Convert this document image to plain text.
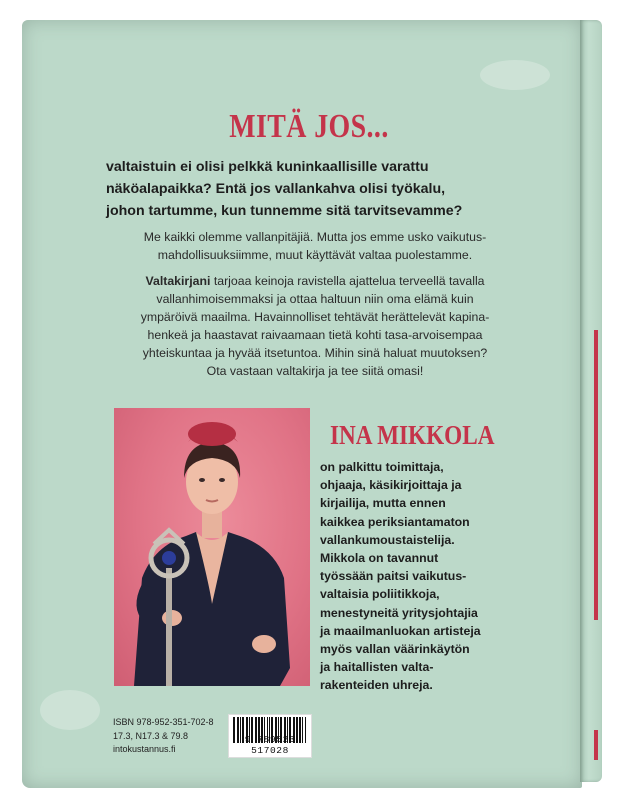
MITÄ JOS...
valtaistuin ei olisi pelkkä kuninkaallisille varattu
näköalapaikka? Entä jos vallankahva olisi työkalu,
johon tartumme, kun tunnemme sitä tarvitsevamme?
Me kaikki olemme vallanpitäjiä. Mutta jos emme usko vaikutus-
mahdollisuuksiimme, muut käyttävät valtaa puolestamme.
Valtakirjani tarjoaa keinoja ravistella ajattelua terveellä tavalla
vallanhimoisemmaksi ja ottaa haltuun niin oma elämä kuin
ympäröivä maailma. Havainnolliset tehtävät herättelevät kapina-
henkeä ja haastavat raivaamaan tietä kohti tasa-arvoisempaa
yhteiskuntaa ja hyvää itsetuntoa. Mihin sinä haluat muutoksen?
Ota vastaan valtakirja ja tee siitä omasi!
INA MIKKOLA
on palkittu toimittaja,
ohjaaja, käsikirjoittaja ja
kirjailija, mutta ennen
kaikkea periksiantamaton
vallankumoustaistelija.
Mikkola on tavannut
työssään paitsi vaikutus-
valtaisia poliitikkoja,
menestyneitä yritysjohtajia
ja maailmanluokan artisteja
myös vallan väärinkäytön
ja haitallisten valta-
rakenteiden uhreja.
ISBN 978-952-351-702-8
17.3, N17.3 & 79.8
intokustannus.fi
9 789523 517028
